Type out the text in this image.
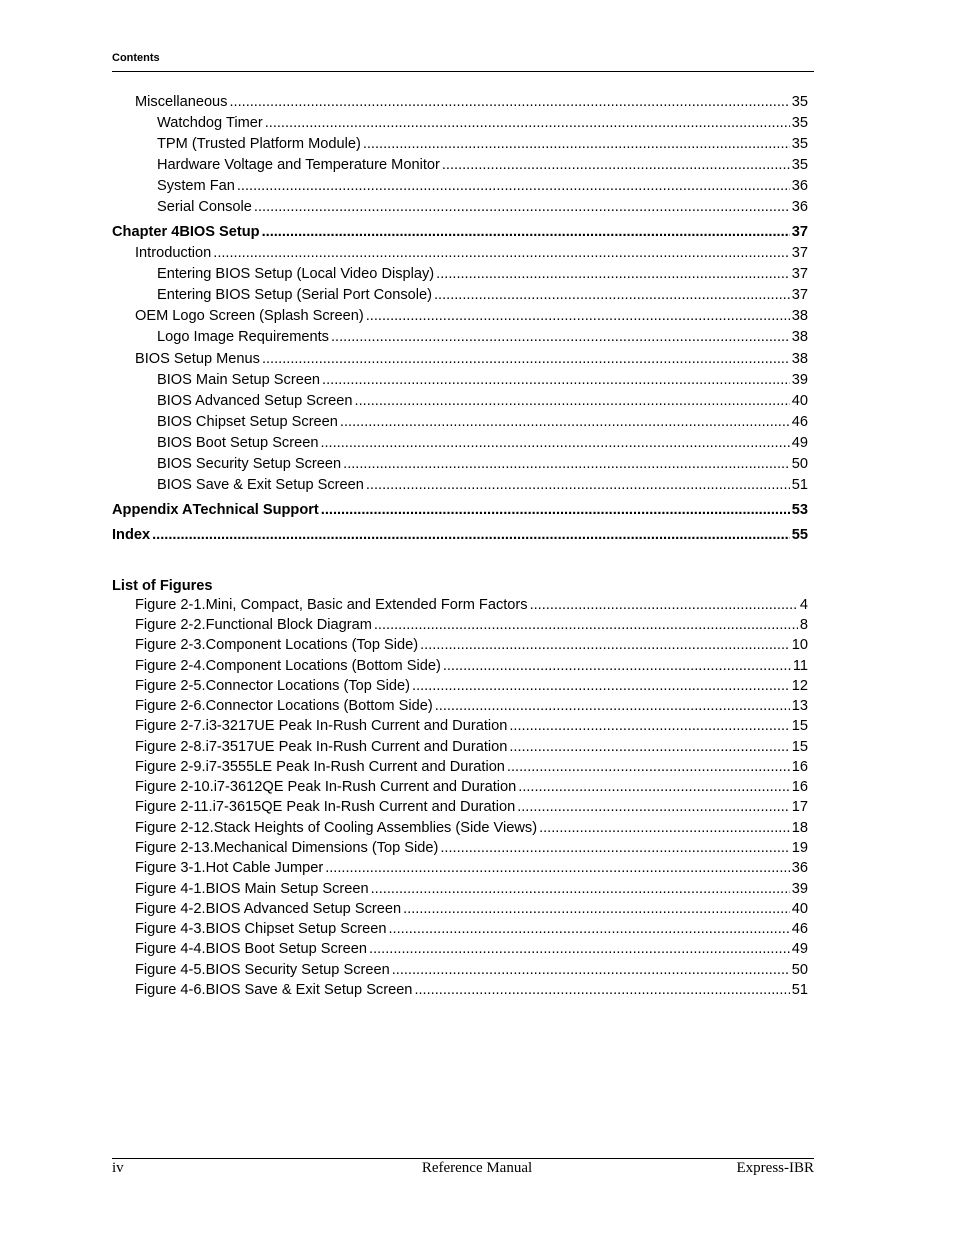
Contents
Miscellaneous .....	35
Watchdog Timer .....	35
TPM (Trusted Platform Module) .....	35
Hardware Voltage and Temperature Monitor .....	35
System Fan .....	36
Serial Console .....	36
Chapter 4 BIOS Setup .....	37
Introduction .....	37
Entering BIOS Setup (Local Video Display) .....	37
Entering BIOS Setup (Serial Port Console) .....	37
OEM Logo Screen (Splash Screen) .....	38
Logo Image Requirements .....	38
BIOS Setup Menus .....	38
BIOS Main Setup Screen .....	39
BIOS Advanced Setup Screen .....	40
BIOS Chipset Setup Screen .....	46
BIOS Boot Setup Screen .....	49
BIOS Security Setup Screen .....	50
BIOS Save & Exit Setup Screen .....	51
Appendix A Technical Support .....	53
Index .....	55
List of Figures
Figure 2-1. Mini, Compact, Basic and Extended Form Factors .....	4
Figure 2-2. Functional Block Diagram .....	8
Figure 2-3. Component Locations (Top Side) .....	10
Figure 2-4. Component Locations (Bottom Side) .....	11
Figure 2-5. Connector Locations (Top Side) .....	12
Figure 2-6. Connector Locations (Bottom Side) .....	13
Figure 2-7. i3-3217UE Peak In-Rush Current and Duration .....	15
Figure 2-8. i7-3517UE Peak In-Rush Current and Duration .....	15
Figure 2-9. i7-3555LE Peak In-Rush Current and Duration .....	16
Figure 2-10. i7-3612QE Peak In-Rush Current and Duration .....	16
Figure 2-11. i7-3615QE Peak In-Rush Current and Duration .....	17
Figure 2-12. Stack Heights of Cooling Assemblies (Side Views) .....	18
Figure 2-13. Mechanical Dimensions (Top Side) .....	19
Figure 3-1. Hot Cable Jumper .....	36
Figure 4-1. BIOS Main Setup Screen .....	39
Figure 4-2. BIOS Advanced Setup Screen .....	40
Figure 4-3. BIOS Chipset Setup Screen .....	46
Figure 4-4. BIOS Boot Setup Screen .....	49
Figure 4-5. BIOS Security Setup Screen .....	50
Figure 4-6. BIOS Save & Exit Setup Screen .....	51
iv	Reference Manual	Express-IBR
